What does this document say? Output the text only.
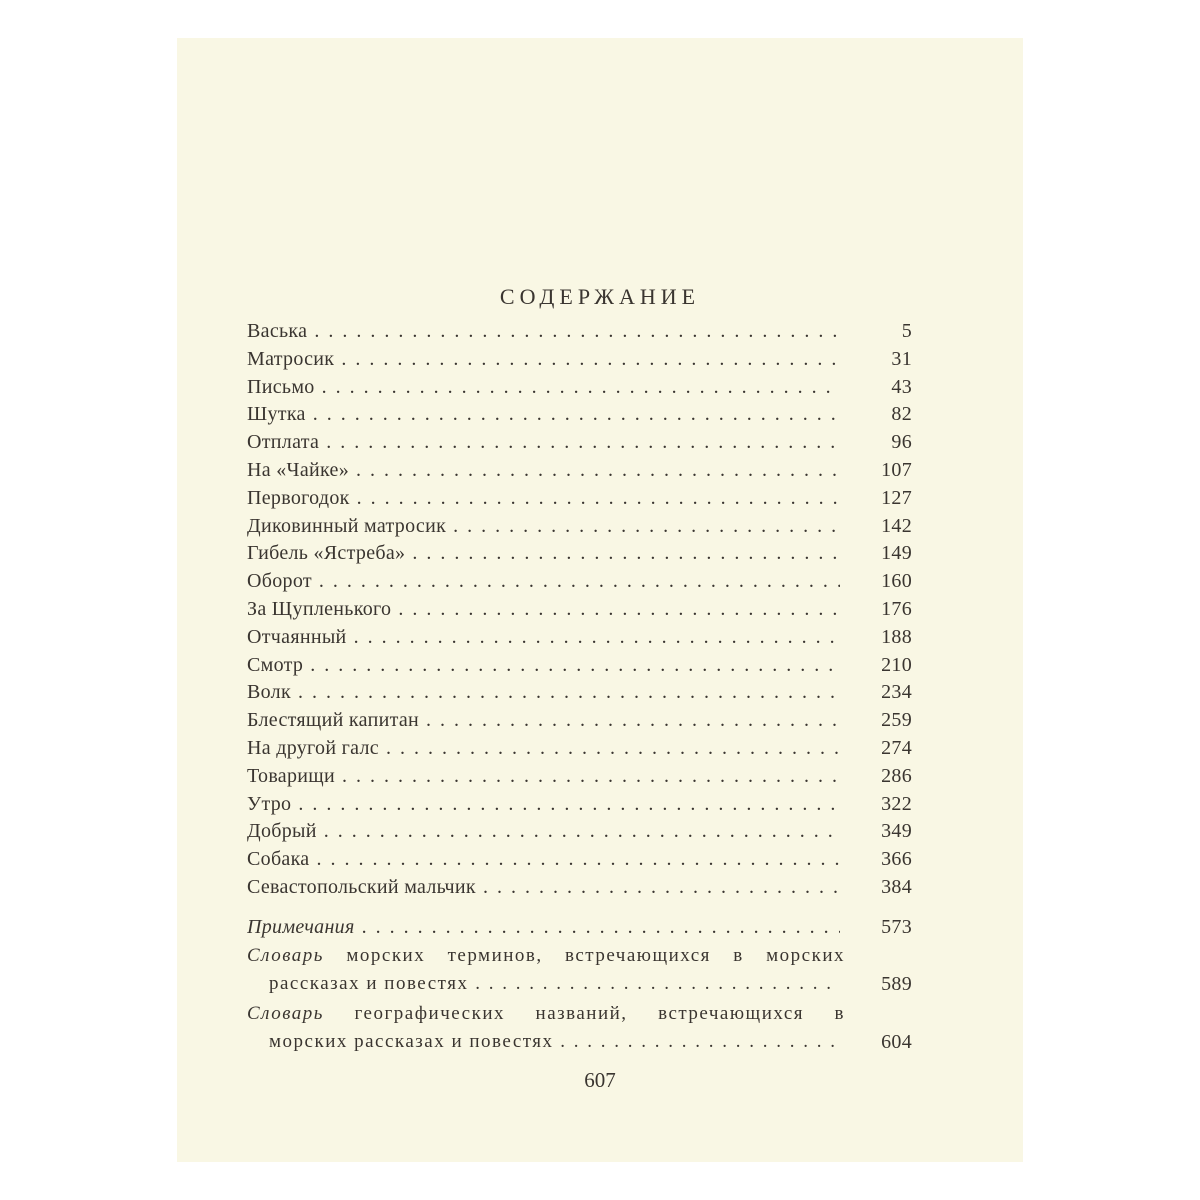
СОДЕРЖАНИЕ
Васька . .	5
Матросик . .	31
Письмо . .	43
Шутка . .	82
Отплата . .	96
На «Чайке» . .	107
Первогодок . .	127
Диковинный матросик . .	142
Гибель «Ястреба» . .	149
Оборот . .	160
За Щупленького . .	176
Отчаянный . .	188
Смотр . .	210
Волк . .	234
Блестящий капитан . .	259
На другой галс . .	274
Товарищи . .	286
Утро . .	322
Добрый . .	349
Собака . .	366
Севастопольский мальчик . .	384
Примечания . .	573
Словарь морских терминов, встречающихся в морских
рассказах и повестях . .	589
Словарь географических названий, встречающихся в
морских рассказах и повестях . .	604
607
